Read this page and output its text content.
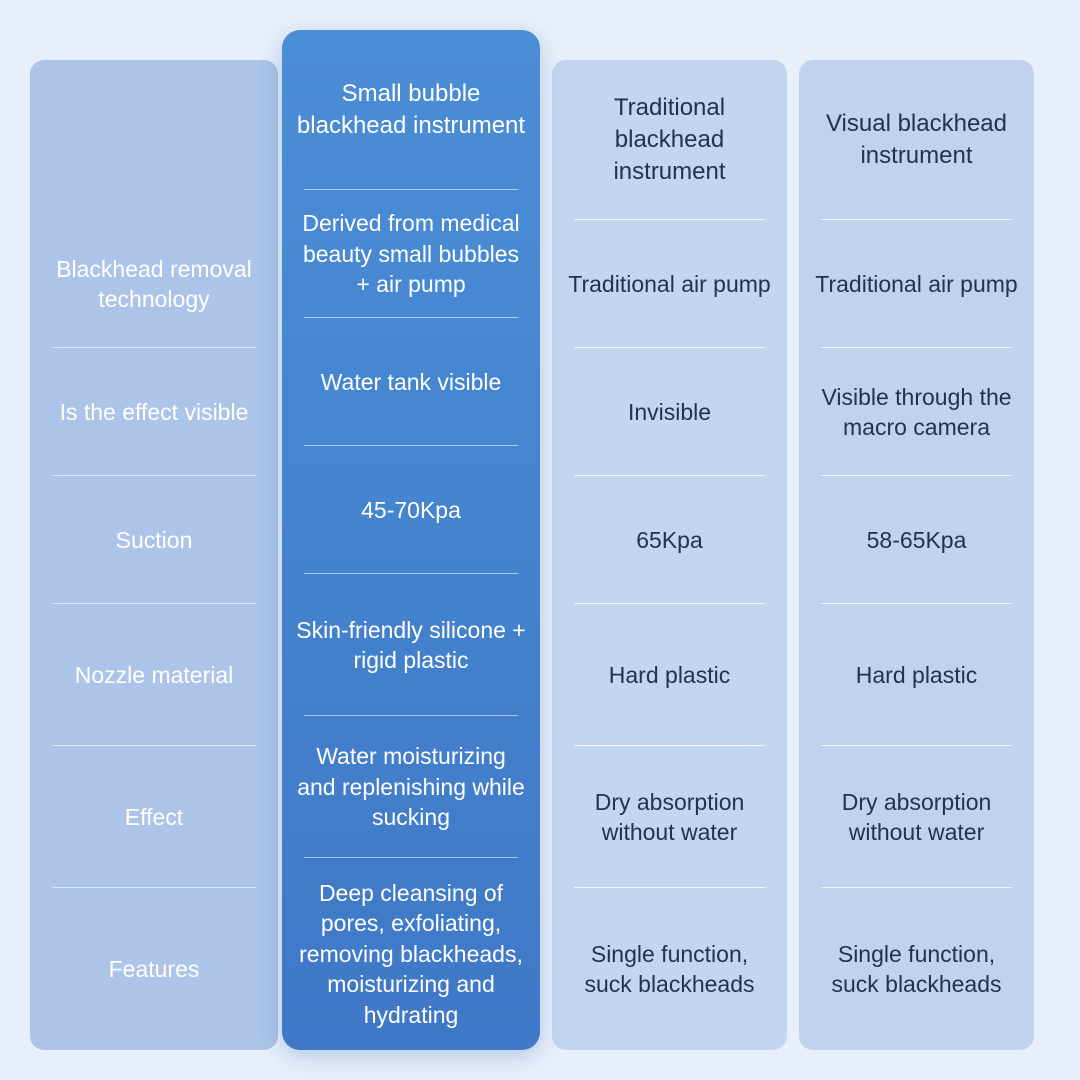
Blackhead removal technology
Is the effect visible
Suction
Nozzle material
Effect
Features
Small bubble blackhead instrument
Derived from medical beauty small bubbles + air pump
Water tank visible
45-70Kpa
Skin-friendly silicone + rigid plastic
Water moisturizing and replenishing while sucking
Deep cleansing of pores, exfoliating, removing blackheads, moisturizing and hydrating
Traditional blackhead instrument
Traditional air pump
Invisible
65Kpa
Hard plastic
Dry absorption without water
Single function, suck blackheads
Visual blackhead instrument
Traditional air pump
Visible through the macro camera
58-65Kpa
Hard plastic
Dry absorption without water
Single function, suck blackheads
